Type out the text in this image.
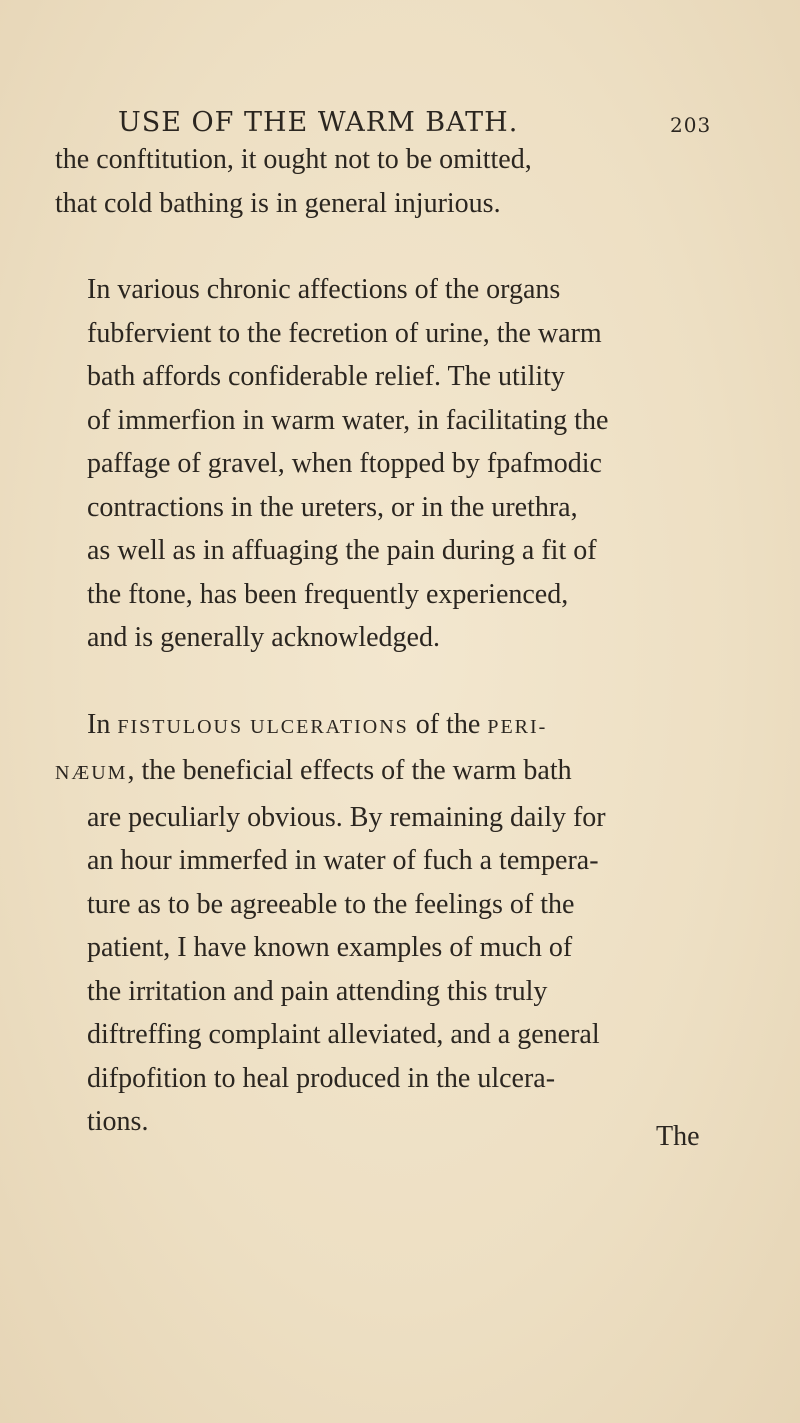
USE OF THE WARM BATH.	203

the conftitution, it ought not to be omitted,
that cold bathing is in general injurious.

In various chronic affections of the organs
fubfervient to the fecretion of urine, the warm
bath affords confiderable relief. The utility
of immerfion in warm water, in facilitating the
paffage of gravel, when ftopped by fpafmodic
contractions in the ureters, or in the urethra,
as well as in affuaging the pain during a fit of
the ftone, has been frequently experienced,
and is generally acknowledged.

In FISTULOUS ULCERATIONS of the PERI-
NÆUM, the beneficial effects of the warm bath
are peculiarly obvious. By remaining daily for
an hour immerfed in water of fuch a tempera-
ture as to be agreeable to the feelings of the
patient, I have known examples of much of
the irritation and pain attending this truly
diftreffing complaint alleviated, and a general
difpofition to heal produced in the ulcera-
tions.	The
